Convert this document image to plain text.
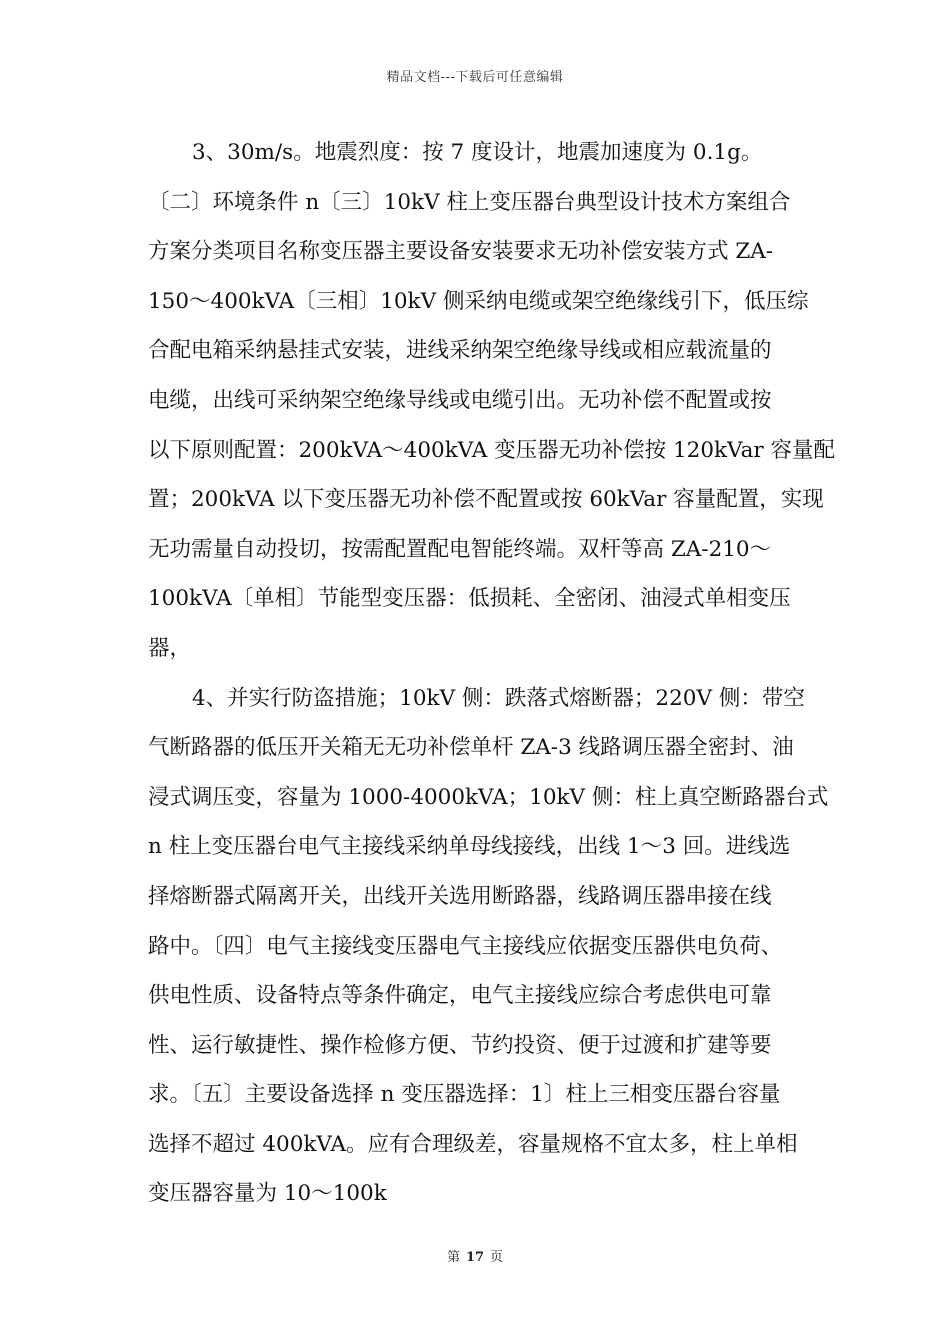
精品文档---下载后可任意编辑
3、30m/s。地震烈度：按 7 度设计，地震加速度为 0.1g。
〔二〕环境条件 n〔三〕10kV 柱上变压器台典型设计技术方案组合
方案分类项目名称变压器主要设备安装要求无功补偿安装方式 ZA-
150～400kVA〔三相〕10kV 侧采纳电缆或架空绝缘线引下，低压综
合配电箱采纳悬挂式安装，进线采纳架空绝缘导线或相应载流量的
电缆，出线可采纳架空绝缘导线或电缆引出。无功补偿不配置或按
以下原则配置：200kVA～400kVA 变压器无功补偿按 120kVar 容量配
置；200kVA 以下变压器无功补偿不配置或按 60kVar 容量配置，实现
无功需量自动投切，按需配置配电智能终端。双杆等高 ZA-210～
100kVA〔单相〕节能型变压器：低损耗、全密闭、油浸式单相变压
器，
4、并实行防盗措施；10kV 侧：跌落式熔断器；220V 侧：带空
气断路器的低压开关箱无无功补偿单杆 ZA-3 线路调压器全密封、油
浸式调压变，容量为 1000-4000kVA；10kV 侧：柱上真空断路器台式
n 柱上变压器台电气主接线采纳单母线接线，出线 1～3 回。进线选
择熔断器式隔离开关，出线开关选用断路器，线路调压器串接在线
路中。〔四〕电气主接线变压器电气主接线应依据变压器供电负荷、
供电性质、设备特点等条件确定，电气主接线应综合考虑供电可靠
性、运行敏捷性、操作检修方便、节约投资、便于过渡和扩建等要
求。〔五〕主要设备选择 n 变压器选择：1〕柱上三相变压器台容量
选择不超过 400kVA。应有合理级差，容量规格不宜太多，柱上单相
变压器容量为 10～100k
第 17 页
